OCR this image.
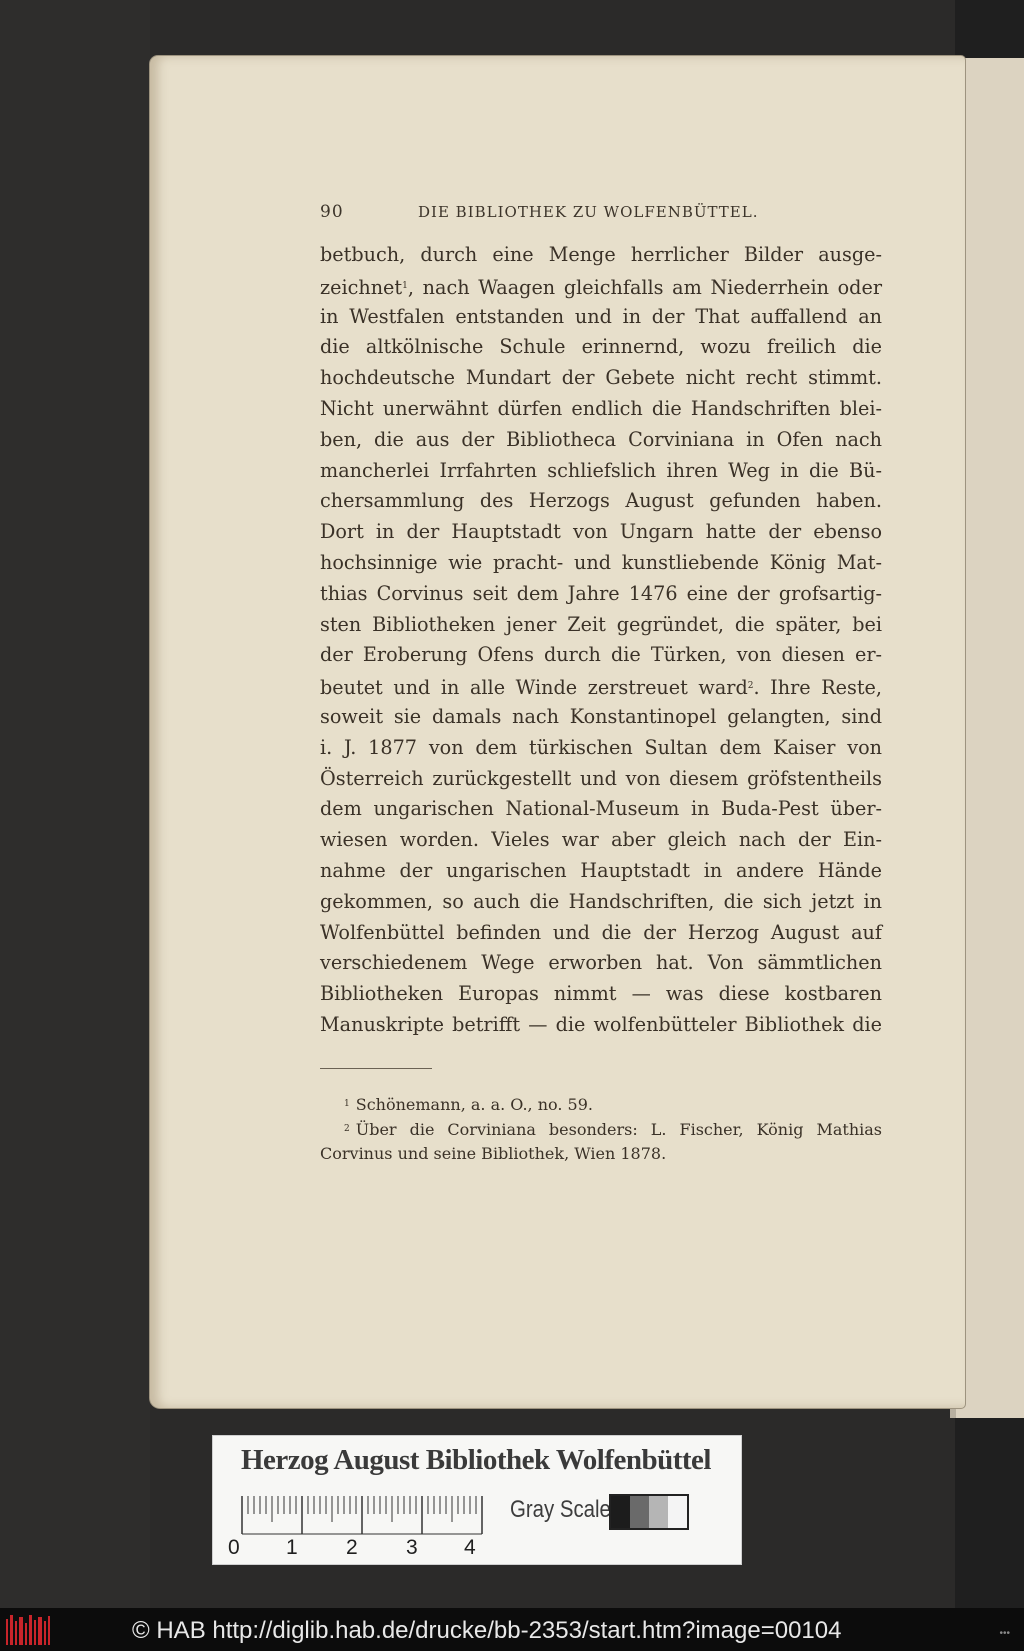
90	DIE BIBLIOTHEK ZU WOLFENBÜTTEL.
betbuch, durch eine Menge herrlicher Bilder ausge-
zeichnet$^1$, nach Waagen gleichfalls am Niederrhein oder
in Westfalen entstanden und in der That auffallend an
die altkölnische Schule erinnernd, wozu freilich die
hochdeutsche Mundart der Gebete nicht recht stimmt.
Nicht unerwähnt dürfen endlich die Handschriften blei-
ben, die aus der Bibliotheca Corviniana in Ofen nach
mancherlei Irrfahrten schliefslich ihren Weg in die Bü-
chersammlung des Herzogs August gefunden haben.
Dort in der Hauptstadt von Ungarn hatte der ebenso
hochsinnige wie pracht- und kunstliebende König Mat-
thias Corvinus seit dem Jahre 1476 eine der grofsartig-
sten Bibliotheken jener Zeit gegründet, die später, bei
der Eroberung Ofens durch die Türken, von diesen er-
beutet und in alle Winde zerstreuet ward$^2$. Ihre Reste,
soweit sie damals nach Konstantinopel gelangten, sind
i. J. 1877 von dem türkischen Sultan dem Kaiser von
Österreich zurückgestellt und von diesem gröfstentheils
dem ungarischen National-Museum in Buda-Pest über-
wiesen worden. Vieles war aber gleich nach der Ein-
nahme der ungarischen Hauptstadt in andere Hände
gekommen, so auch die Handschriften, die sich jetzt in
Wolfenbüttel befinden und die der Herzog August auf
verschiedenem Wege erworben hat. Von sämmtlichen
Bibliotheken Europas nimmt — was diese kostbaren
Manuskripte betrifft — die wolfenbütteler Bibliothek die
$^1$ Schönemann, a. a. O., no. 59.
$^2$ Über die Corviniana besonders: L. Fischer, König Mathias
Corvinus und seine Bibliothek, Wien 1878.
Herzog August Bibliothek Wolfenbüttel
0 1 2 3 4
Gray Scale
© HAB http://diglib.hab.de/drucke/bb-2353/start.htm?image=00104	•••
